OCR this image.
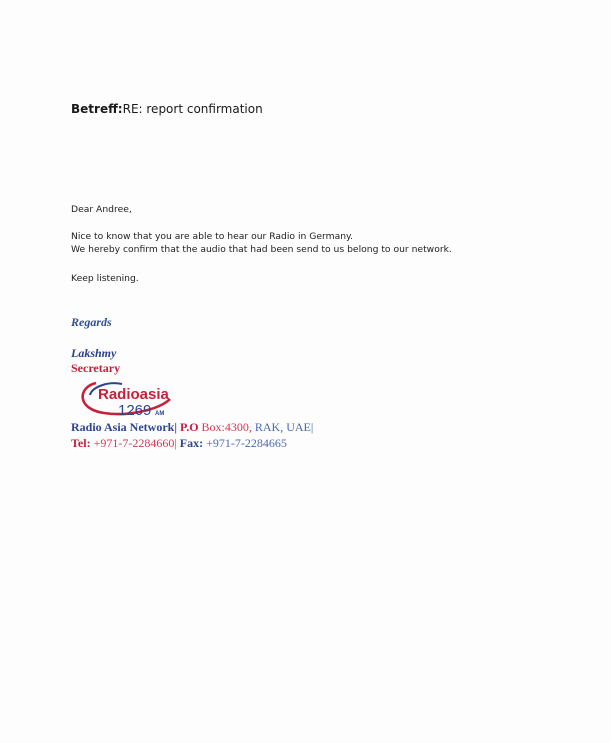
Betreff:RE: report confirmation
Dear Andree,
Nice to know that you are able to hear our Radio in Germany.
We hereby confirm that the audio that had been send to us belong to our network.
Keep listening.
Regards
Lakshmy
Secretary
Radioasia
1269 AM
Radio Asia Network| P.O Box:4300, RAK, UAE|
Tel: +971-7-2284660| Fax: +971-7-2284665
